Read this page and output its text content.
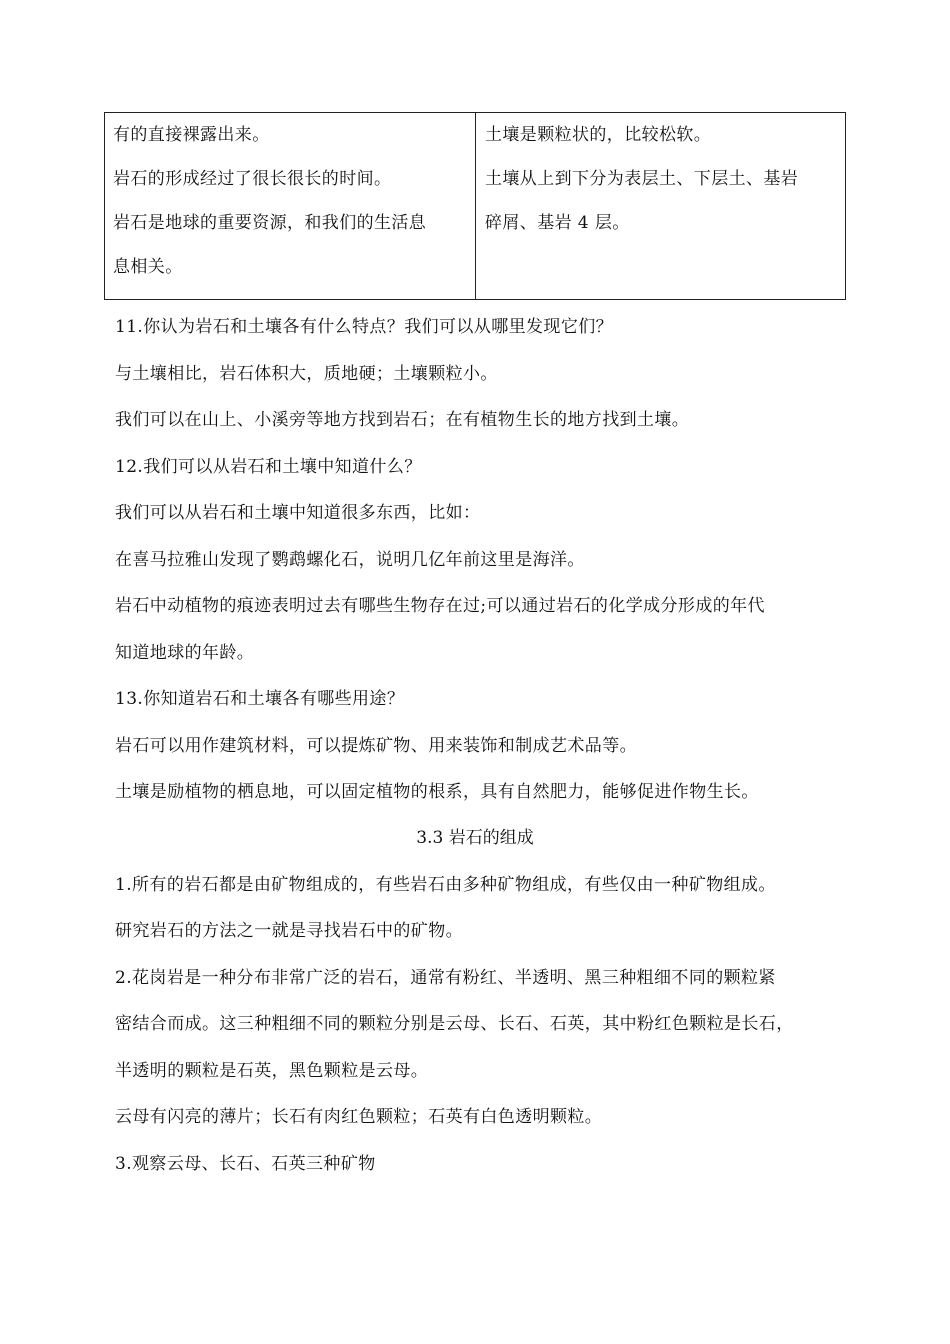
有的直接裸露出来。
岩石的形成经过了很长很长的时间。
岩石是地球的重要资源，和我们的生活息
息相关。
土壤是颗粒状的，比较松软。
土壤从上到下分为表层土、下层土、基岩
碎屑、基岩 4 层。
11.你认为岩石和土壤各有什么特点？我们可以从哪里发现它们？
与土壤相比，岩石体积大，质地硬；土壤颗粒小。
我们可以在山上、小溪旁等地方找到岩石；在有植物生长的地方找到土壤。
12.我们可以从岩石和土壤中知道什么？
我们可以从岩石和土壤中知道很多东西，比如：
在喜马拉雅山发现了鹦鹉螺化石，说明几亿年前这里是海洋。
岩石中动植物的痕迹表明过去有哪些生物存在过;可以通过岩石的化学成分形成的年代
知道地球的年龄。
13.你知道岩石和土壤各有哪些用途？
岩石可以用作建筑材料，可以提炼矿物、用来装饰和制成艺术品等。
土壤是励植物的栖息地，可以固定植物的根系，具有自然肥力，能够促进作物生长。
3.3 岩石的组成
1.所有的岩石都是由矿物组成的，有些岩石由多种矿物组成，有些仅由一种矿物组成。
研究岩石的方法之一就是寻找岩石中的矿物。
2.花岗岩是一种分布非常广泛的岩石，通常有粉红、半透明、黑三种粗细不同的颗粒紧
密结合而成。这三种粗细不同的颗粒分别是云母、长石、石英，其中粉红色颗粒是长石，
半透明的颗粒是石英，黑色颗粒是云母。
云母有闪亮的薄片；长石有肉红色颗粒；石英有白色透明颗粒。
3.观察云母、长石、石英三种矿物
